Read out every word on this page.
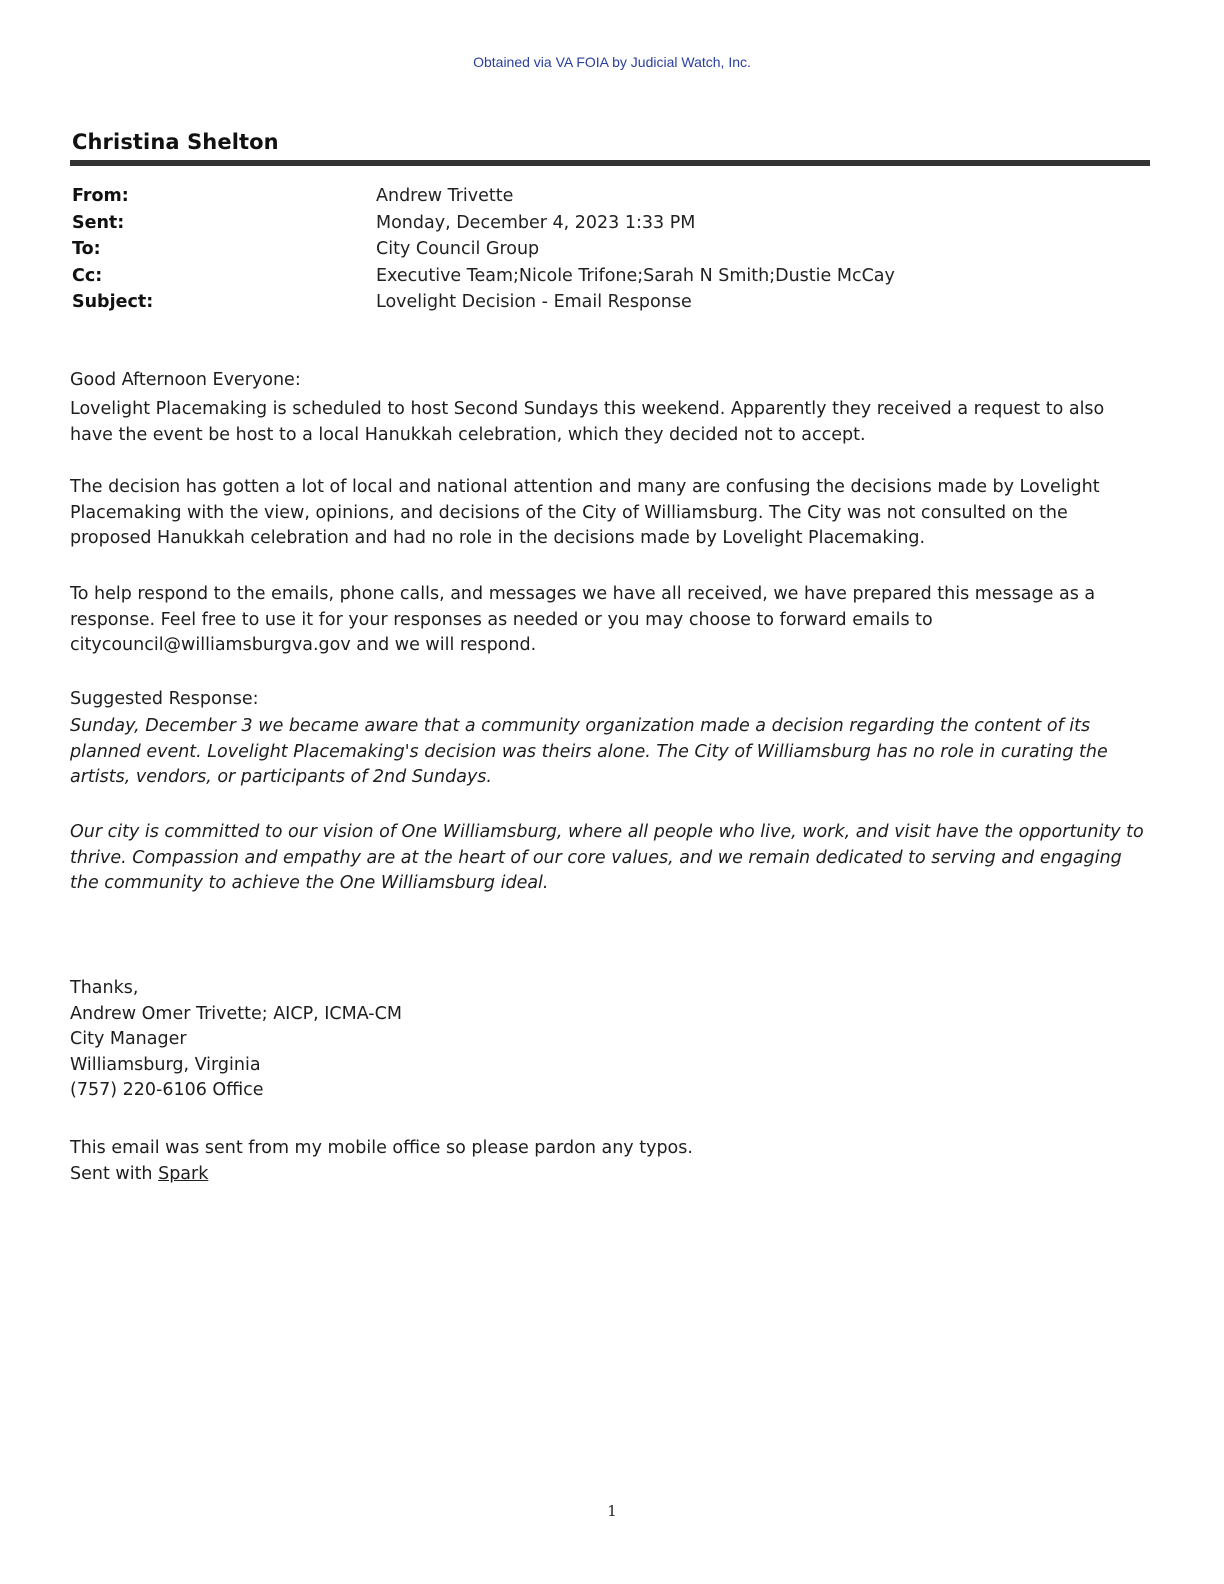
Obtained via VA FOIA by Judicial Watch, Inc.
Christina Shelton
From:	Andrew Trivette
Sent:	Monday, December 4, 2023 1:33 PM
To:	City Council Group
Cc:	Executive Team;Nicole Trifone;Sarah N Smith;Dustie McCay
Subject:	Lovelight Decision - Email Response
Good Afternoon Everyone:
Lovelight Placemaking is scheduled to host Second Sundays this weekend. Apparently they received a request to also have the event be host to a local Hanukkah celebration, which they decided not to accept.
The decision has gotten a lot of local and national attention and many are confusing the decisions made by Lovelight Placemaking with the view, opinions, and decisions of the City of Williamsburg. The City was not consulted on the proposed Hanukkah celebration and had no role in the decisions made by Lovelight Placemaking.
To help respond to the emails, phone calls, and messages we have all received, we have prepared this message as a response. Feel free to use it for your responses as needed or you may choose to forward emails to citycouncil@williamsburgva.gov and we will respond.
Suggested Response:
Sunday, December 3 we became aware that a community organization made a decision regarding the content of its planned event. Lovelight Placemaking's decision was theirs alone. The City of Williamsburg has no role in curating the artists, vendors, or participants of 2nd Sundays.
Our city is committed to our vision of One Williamsburg, where all people who live, work, and visit have the opportunity to thrive. Compassion and empathy are at the heart of our core values, and we remain dedicated to serving and engaging the community to achieve the One Williamsburg ideal.
Thanks,
Andrew Omer Trivette; AICP, ICMA-CM
City Manager
Williamsburg, Virginia
(757) 220-6106 Office
This email was sent from my mobile office so please pardon any typos.
Sent with Spark
1
